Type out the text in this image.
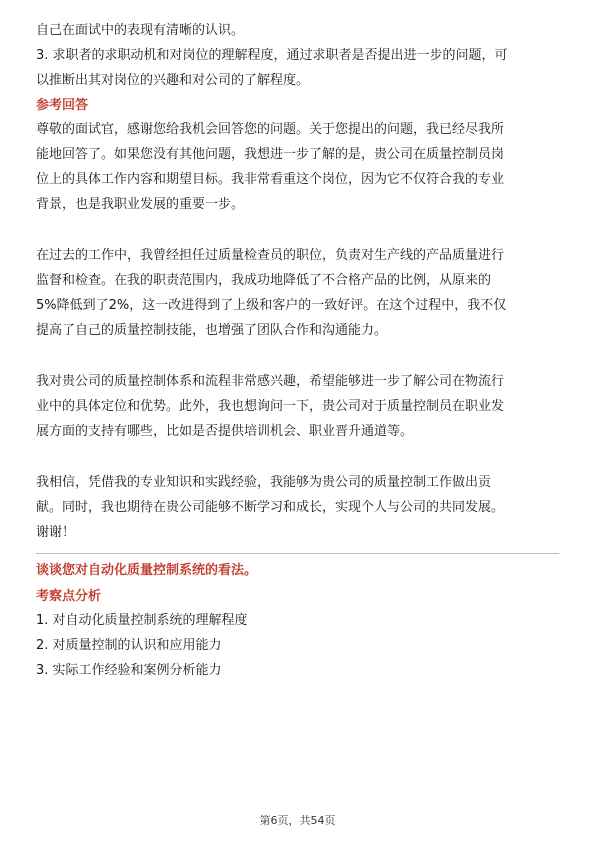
自己在面试中的表现有清晰的认识。
3. 求职者的求职动机和对岗位的理解程度，通过求职者是否提出进一步的问题，可
以推断出其对岗位的兴趣和对公司的了解程度。
参考回答
尊敬的面试官，感谢您给我机会回答您的问题。关于您提出的问题，我已经尽我所
能地回答了。如果您没有其他问题，我想进一步了解的是，贵公司在质量控制员岗
位上的具体工作内容和期望目标。我非常看重这个岗位，因为它不仅符合我的专业
背景，也是我职业发展的重要一步。
在过去的工作中，我曾经担任过质量检查员的职位，负责对生产线的产品质量进行
监督和检查。在我的职责范围内，我成功地降低了不合格产品的比例，从原来的
5%降低到了2%，这一改进得到了上级和客户的一致好评。在这个过程中，我不仅
提高了自己的质量控制技能，也增强了团队合作和沟通能力。
我对贵公司的质量控制体系和流程非常感兴趣，希望能够进一步了解公司在物流行
业中的具体定位和优势。此外，我也想询问一下，贵公司对于质量控制员在职业发
展方面的支持有哪些，比如是否提供培训机会、职业晋升通道等。
我相信，凭借我的专业知识和实践经验，我能够为贵公司的质量控制工作做出贡
献。同时，我也期待在贵公司能够不断学习和成长，实现个人与公司的共同发展。
谢谢！
谈谈您对自动化质量控制系统的看法。
考察点分析
1. 对自动化质量控制系统的理解程度
2. 对质量控制的认识和应用能力
3. 实际工作经验和案例分析能力
第6页，共54页
